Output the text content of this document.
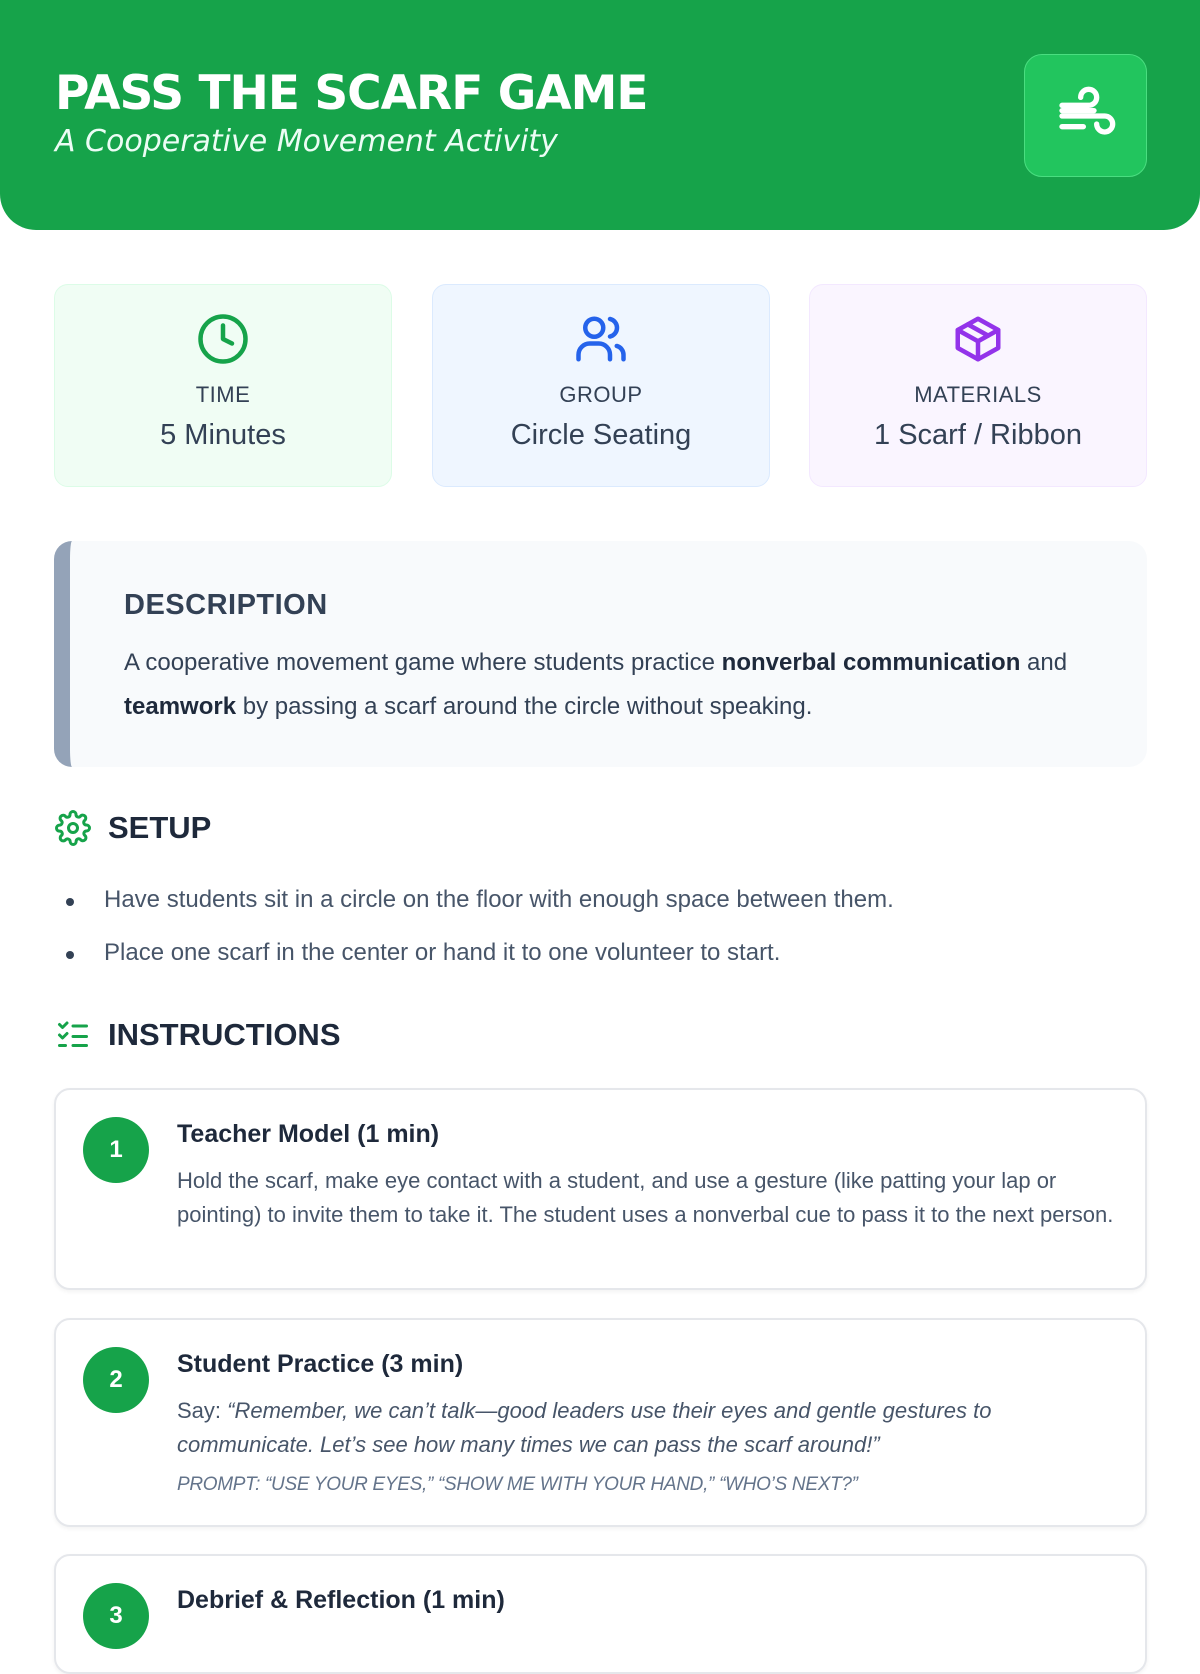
PASS THE SCARF GAME
A Cooperative Movement Activity
TIME
5 Minutes
GROUP
Circle Seating
MATERIALS
1 Scarf / Ribbon
DESCRIPTION
A cooperative movement game where students practice nonverbal communication and teamwork by passing a scarf around the circle without speaking.
SETUP
Have students sit in a circle on the floor with enough space between them.
Place one scarf in the center or hand it to one volunteer to start.
INSTRUCTIONS
1
Teacher Model (1 min)
Hold the scarf, make eye contact with a student, and use a gesture (like patting your lap or pointing) to invite them to take it. The student uses a nonverbal cue to pass it to the next person.
2
Student Practice (3 min)
Say: “Remember, we can’t talk—good leaders use their eyes and gentle gestures to communicate. Let’s see how many times we can pass the scarf around!”
PROMPT: “USE YOUR EYES,” “SHOW ME WITH YOUR HAND,” “WHO’S NEXT?”
3
Debrief & Reflection (1 min)
